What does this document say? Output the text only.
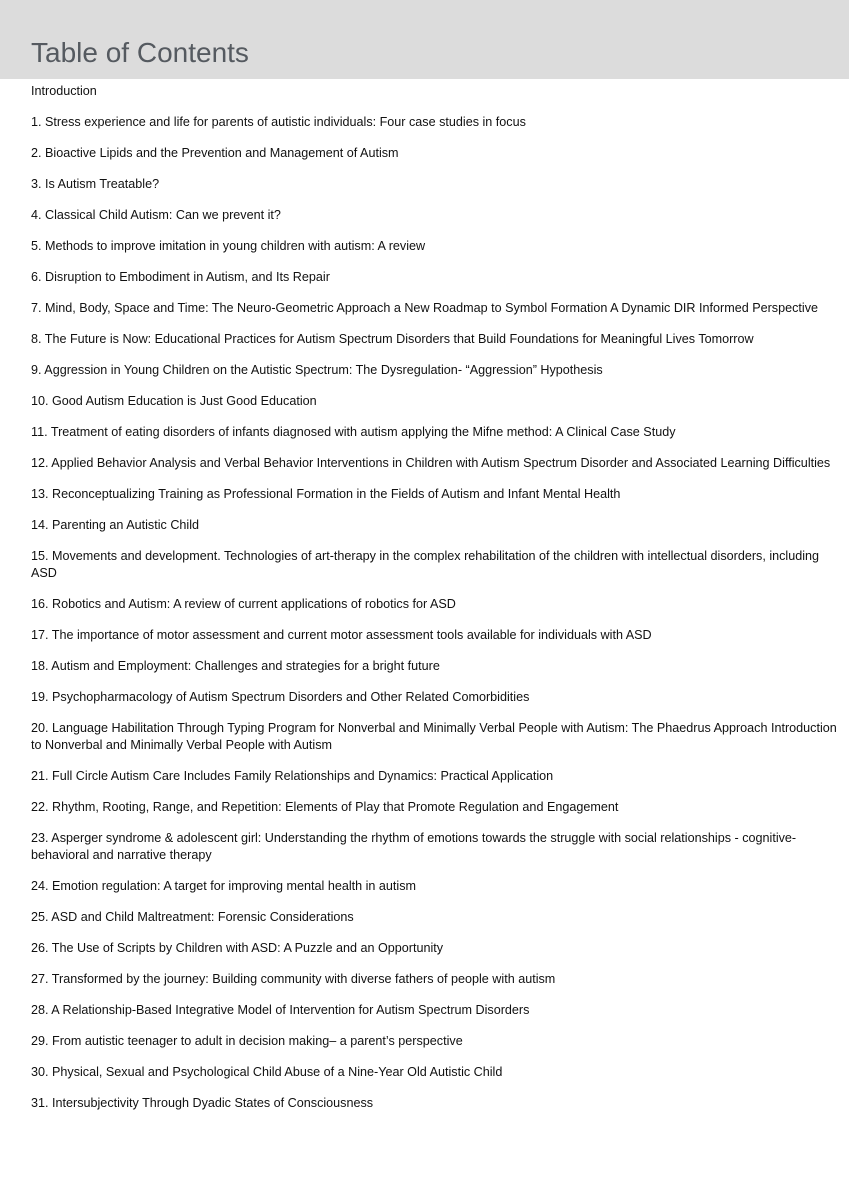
Table of Contents

Introduction

1. Stress experience and life for parents of autistic individuals: Four case studies in focus

2. Bioactive Lipids and the Prevention and Management of Autism

3. Is Autism Treatable?

4. Classical Child Autism: Can we prevent it?

5. Methods to improve imitation in young children with autism: A review

6. Disruption to Embodiment in Autism, and Its Repair

7. Mind, Body, Space and Time: The Neuro-Geometric Approach a New Roadmap to Symbol Formation A Dynamic DIR Informed Perspective

8. The Future is Now: Educational Practices for Autism Spectrum Disorders that Build Foundations for Meaningful Lives Tomorrow

9. Aggression in Young Children on the Autistic Spectrum: The Dysregulation- “Aggression” Hypothesis

10. Good Autism Education is Just Good Education

11. Treatment of eating disorders of infants diagnosed with autism applying the Mifne method: A Clinical Case Study

12. Applied Behavior Analysis and Verbal Behavior Interventions in Children with Autism Spectrum Disorder and Associated Learning Difficulties

13. Reconceptualizing Training as Professional Formation in the Fields of Autism and Infant Mental Health

14. Parenting an Autistic Child

15. Movements and development. Technologies of art-therapy in the complex rehabilitation of the children with intellectual disorders, including ASD

16. Robotics and Autism: A review of current applications of robotics for ASD

17. The importance of motor assessment and current motor assessment tools available for individuals with ASD

18. Autism and Employment: Challenges and strategies for a bright future

19. Psychopharmacology of Autism Spectrum Disorders and Other Related Comorbidities

20. Language Habilitation Through Typing Program for Nonverbal and Minimally Verbal People with Autism: The Phaedrus Approach Introduction to Nonverbal and Minimally Verbal People with Autism

21. Full Circle Autism Care Includes Family Relationships and Dynamics: Practical Application

22. Rhythm, Rooting, Range, and Repetition: Elements of Play that Promote Regulation and Engagement

23. Asperger syndrome & adolescent girl: Understanding the rhythm of emotions towards the struggle with social relationships - cognitive-behavioral and narrative therapy

24. Emotion regulation: A target for improving mental health in autism

25. ASD and Child Maltreatment: Forensic Considerations

26. The Use of Scripts by Children with ASD: A Puzzle and an Opportunity

27. Transformed by the journey: Building community with diverse fathers of people with autism

28. A Relationship-Based Integrative Model of Intervention for Autism Spectrum Disorders

29. From autistic teenager to adult in decision making– a parent’s perspective

30. Physical, Sexual and Psychological Child Abuse of a Nine-Year Old Autistic Child

31. Intersubjectivity Through Dyadic States of Consciousness
